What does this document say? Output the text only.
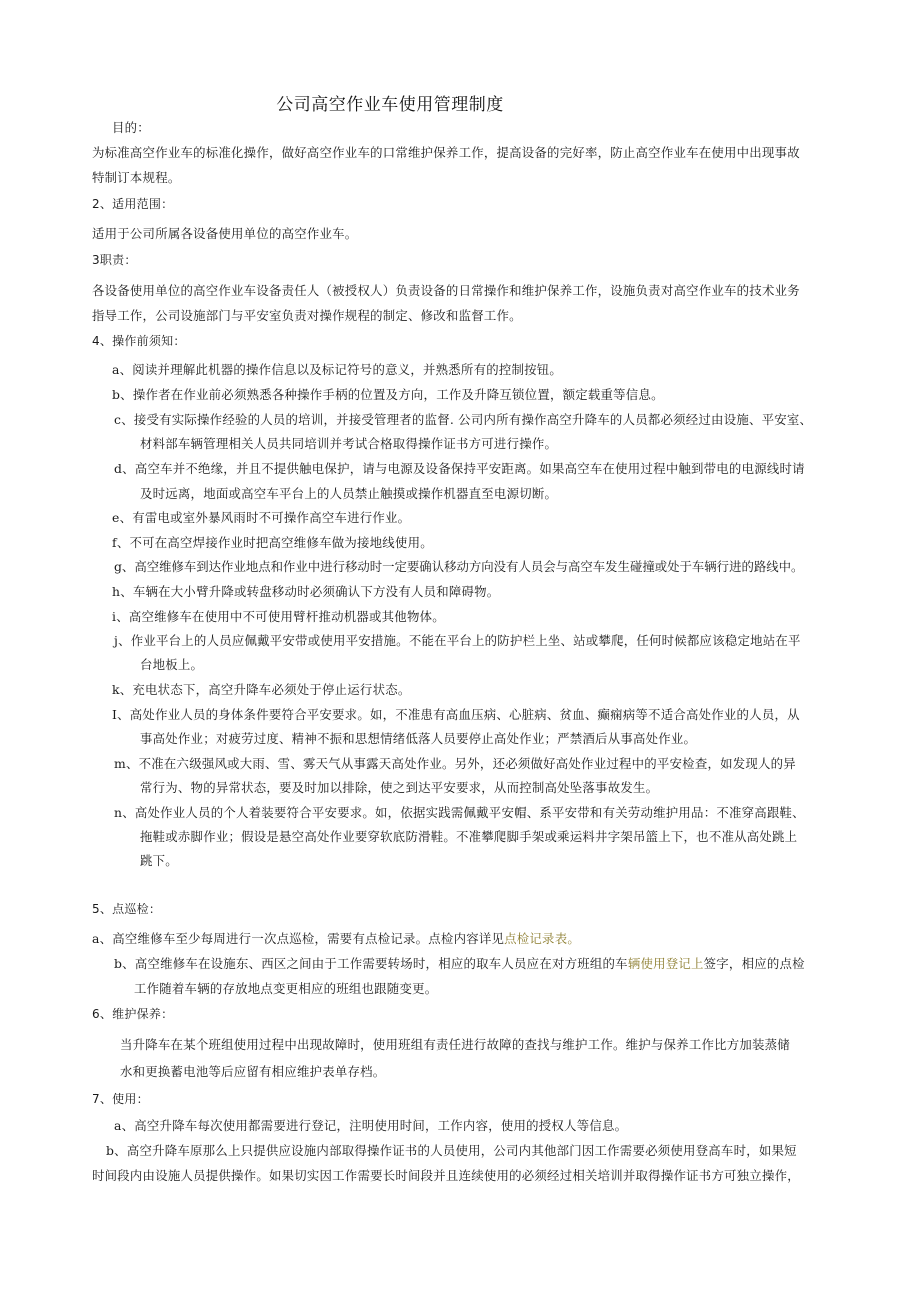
公司高空作业车使用管理制度
目的：
为标准高空作业车的标准化操作，做好高空作业车的口常维护保养工作，提高设备的完好率，防止高空作业车在使用中出现事故
特制订本规程。
2、适用范围：
适用于公司所属各设备使用单位的高空作业车。
3职责：
各设备使用单位的高空作业车设备责任人（被授权人）负责设备的日常操作和维护保养工作，设施负责对高空作业车的技术业务
指导工作，公司设施部门与平安室负责对操作规程的制定、修改和监督工作。
4、操作前须知：
a、阅读并理解此机器的操作信息以及标记符号的意义，并熟悉所有的控制按钮。
b、操作者在作业前必须熟悉各种操作手柄的位置及方向，工作及升降互锁位置，额定载重等信息。
c、接受有实际操作经验的人员的培训，并接受管理者的监督. 公司内所有操作高空升降车的人员都必须经过由设施、平安室、
材料部车辆管理相关人员共同培训并考试合格取得操作证书方可进行操作。
d、高空车并不绝缘，并且不提供触电保护，请与电源及设备保持平安距离。如果高空车在使用过程中触到带电的电源线时请
及时远离，地面或高空车平台上的人员禁止触摸或操作机器直至电源切断。
e、有雷电或室外暴风雨时不可操作高空车进行作业。
f、不可在高空焊接作业时把高空维修车做为接地线使用。
g、高空维修车到达作业地点和作业中进行移动时一定要确认移动方向没有人员会与高空车发生碰撞或处于车辆行进的路线中。
h、车辆在大小臂升降或转盘移动时必须确认下方没有人员和障碍物。
i、高空维修车在使用中不可使用臂杆推动机器或其他物体。
j、作业平台上的人员应佩戴平安带或使用平安措施。不能在平台上的防护栏上坐、站或攀爬，任何时候都应该稳定地站在平
台地板上。
k、充电状态下，高空升降车必须处于停止运行状态。
I、高处作业人员的身体条件要符合平安要求。如，不准患有高血压病、心脏病、贫血、癫痫病等不适合高处作业的人员，从
事高处作业；对疲劳过度、精神不振和思想情绪低落人员要停止高处作业；严禁酒后从事高处作业。
m、不准在六级强风或大雨、雪、雾天气从事露天高处作业。另外，还必须做好高处作业过程中的平安检查，如发现人的异
常行为、物的异常状态，要及时加以排除，使之到达平安要求，从而控制高处坠落事故发生。
n、高处作业人员的个人着装要符合平安要求。如，依据实践需佩戴平安帽、系平安带和有关劳动维护用品：不准穿高跟鞋、
拖鞋或赤脚作业；假设是悬空高处作业要穿软底防滑鞋。不准攀爬脚手架或乘运料井字架吊篮上下，也不准从高处跳上
跳下。
5、点巡检：
a、高空维修车至少每周进行一次点巡检，需要有点检记录。点检内容详见点检记录表。
b、高空维修车在设施东、西区之间由于工作需要转场时，相应的取车人员应在对方班组的车辆使用登记上签字，相应的点检
工作随着车辆的存放地点变更相应的班组也跟随变更。
6、维护保养：
当升降车在某个班组使用过程中出现故障时，使用班组有责任进行故障的查找与维护工作。维护与保养工作比方加装蒸储
水和更换蓄电池等后应留有相应维护表单存档。
7、使用：
a、高空升降车每次使用都需要进行登记，注明使用时间，工作内容，使用的授权人等信息。
b、高空升降车原那么上只提供应设施内部取得操作证书的人员使用，公司内其他部门因工作需要必须使用登高车时，如果短
时间段内由设施人员提供操作。如果切实因工作需要长时间段并且连续使用的必须经过相关培训并取得操作证书方可独立操作，
